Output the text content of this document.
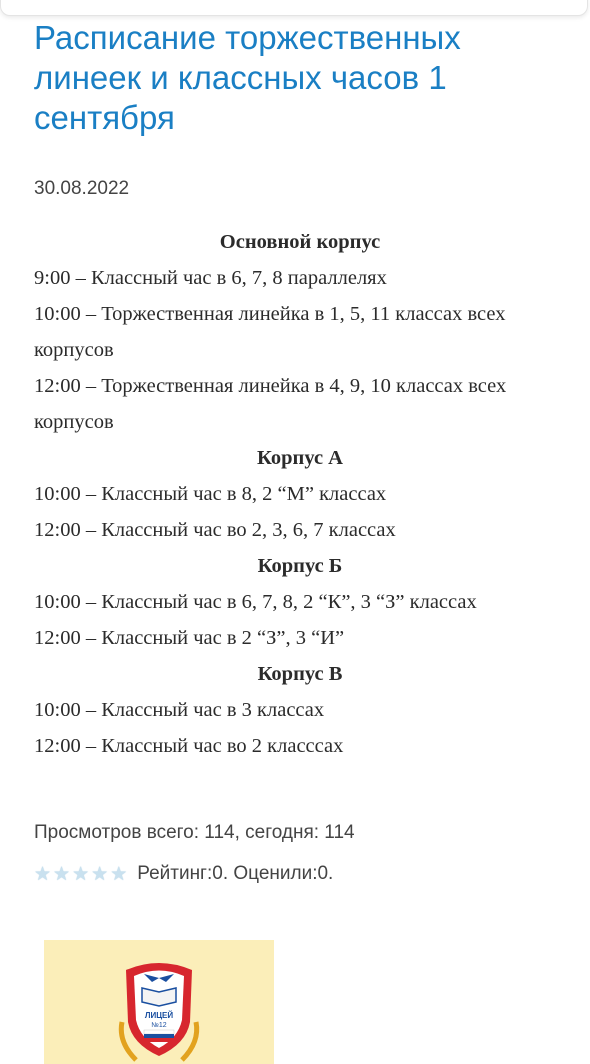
Расписание торжественных линеек и классных часов 1 сентября
30.08.2022
Основной корпус
9:00 – Классный час в 6, 7, 8 параллелях
10:00 – Торжественная линейка в 1, 5, 11 классах всех корпусов
12:00 – Торжественная линейка в 4, 9, 10 классах всех корпусов
Корпус А
10:00 – Классный час в 8, 2 “М” классах
12:00 – Классный час во 2, 3, 6, 7 классах
Корпус Б
10:00 – Классный час в 6, 7, 8, 2 “К”, 3 “З” классах
12:00 – Классный час в 2 “З”, 3 “И”
Корпус В
10:00 – Классный час в 3 классах
12:00 – Классный час во 2 класссах
Просмотров всего: 114, сегодня: 114
★ ★ ★ ★ ★ Рейтинг:0. Оценили:0.
ЛИЦЕЙ
№12
